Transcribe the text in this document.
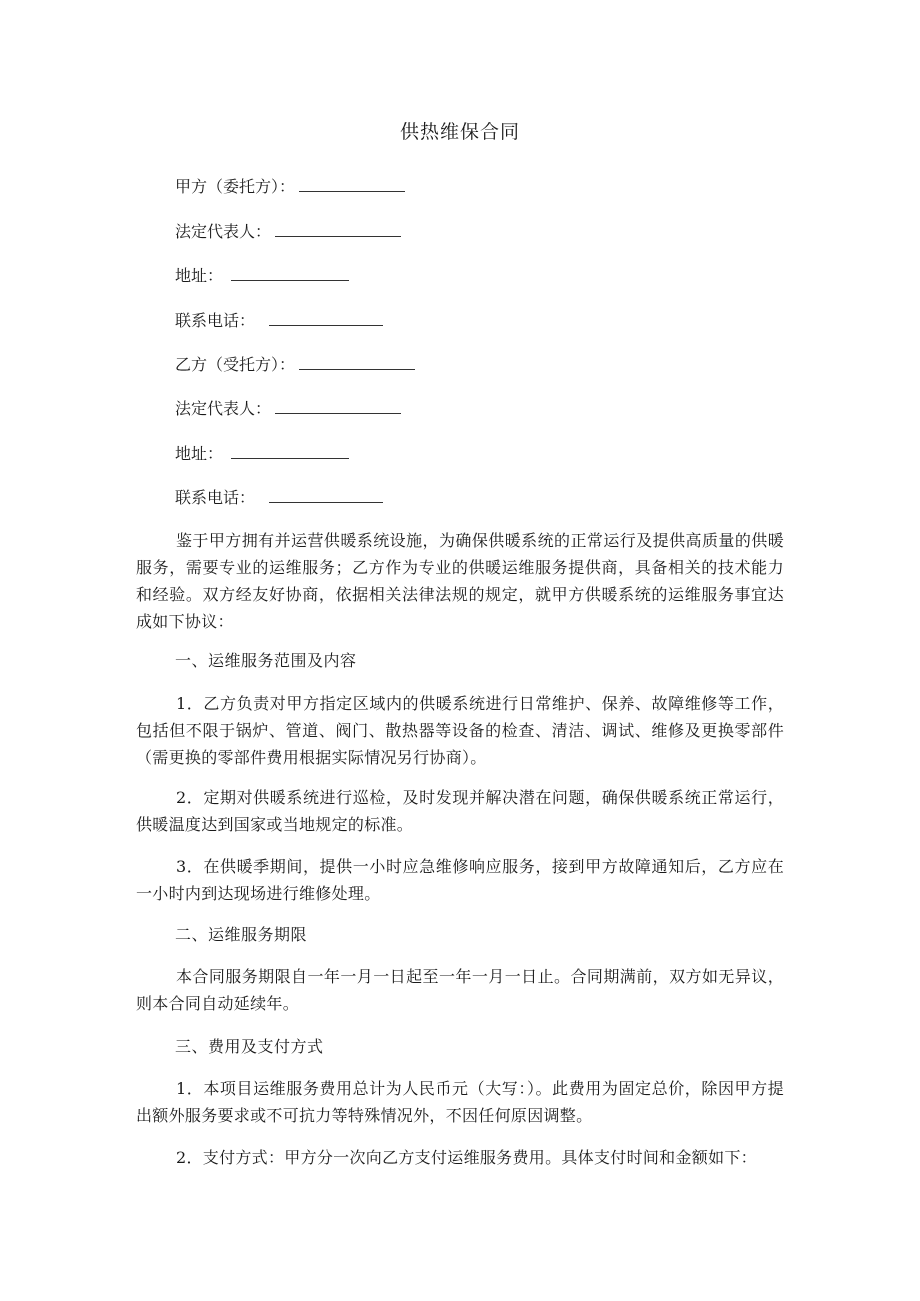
供热维保合同
甲方（委托方）：
法定代表人：
地址：
联系电话：
乙方（受托方）：
法定代表人：
地址：
联系电话：
鉴于甲方拥有并运营供暖系统设施，为确保供暖系统的正常运行及提供高质量的供暖服务，需要专业的运维服务；乙方作为专业的供暖运维服务提供商，具备相关的技术能力和经验。双方经友好协商，依据相关法律法规的规定，就甲方供暖系统的运维服务事宜达成如下协议：
一、运维服务范围及内容
1．乙方负责对甲方指定区域内的供暖系统进行日常维护、保养、故障维修等工作，包括但不限于锅炉、管道、阀门、散热器等设备的检查、清洁、调试、维修及更换零部件（需更换的零部件费用根据实际情况另行协商）。
2．定期对供暖系统进行巡检，及时发现并解决潜在问题，确保供暖系统正常运行，供暖温度达到国家或当地规定的标准。
3．在供暖季期间，提供一小时应急维修响应服务，接到甲方故障通知后，乙方应在一小时内到达现场进行维修处理。
二、运维服务期限
本合同服务期限自一年一月一日起至一年一月一日止。合同期满前，双方如无异议，则本合同自动延续年。
三、费用及支付方式
1．本项目运维服务费用总计为人民币元（大写：）。此费用为固定总价，除因甲方提出额外服务要求或不可抗力等特殊情况外，不因任何原因调整。
2．支付方式：甲方分一次向乙方支付运维服务费用。具体支付时间和金额如下：
